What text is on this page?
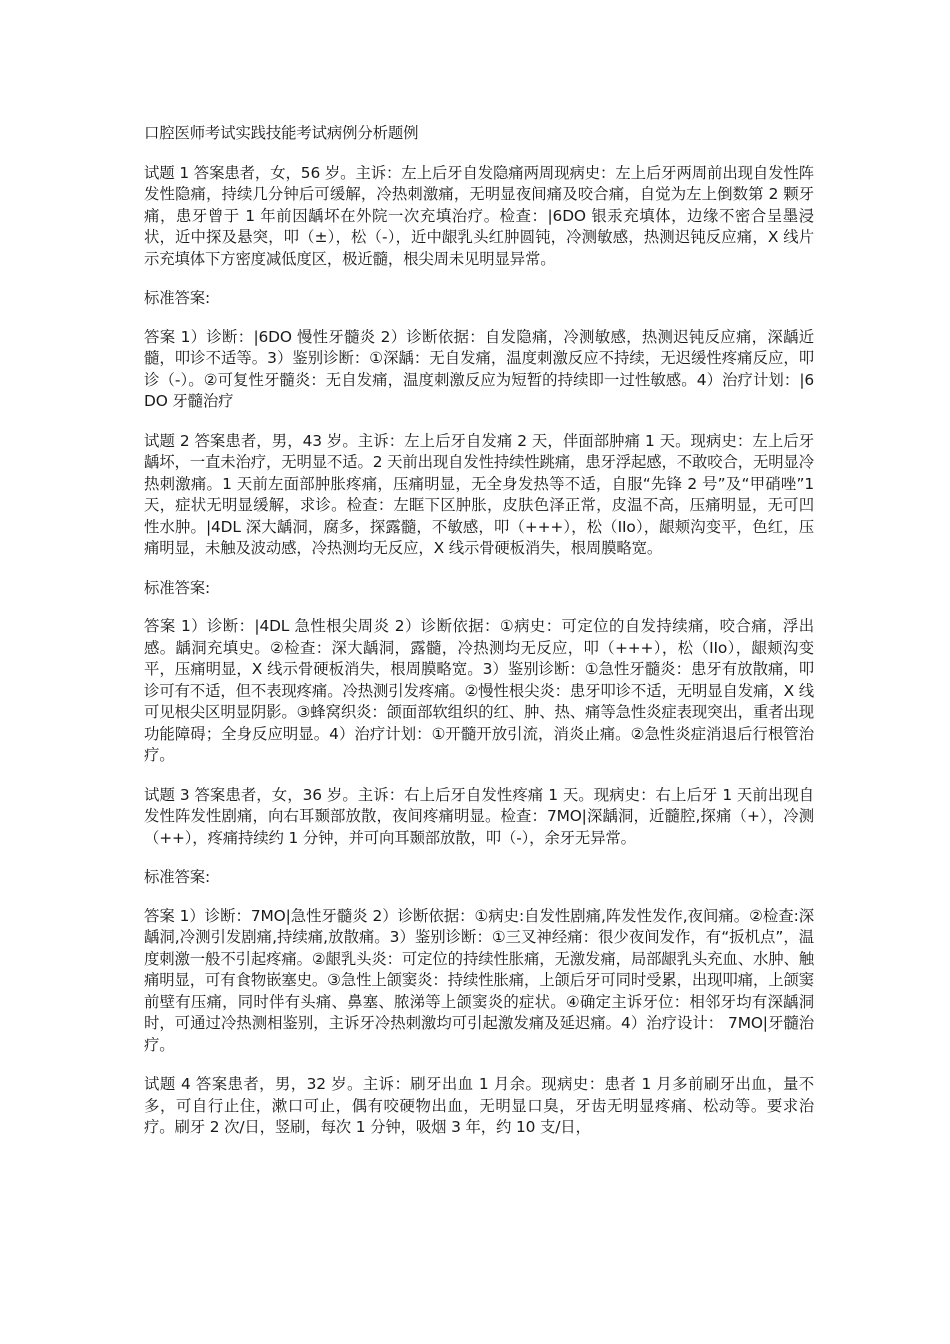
口腔医师考试实践技能考试病例分析题例

试题 1 答案患者，女，56 岁。主诉：左上后牙自发隐痛两周现病史：左上后牙两周前出现自发性阵发性隐痛，持续几分钟后可缓解，冷热刺激痛，无明显夜间痛及咬合痛，自觉为左上倒数第 2 颗牙痛，患牙曾于 1 年前因龋坏在外院一次充填治疗。检查：|6DO 银汞充填体，边缘不密合呈墨浸状，近中探及悬突，叩（±），松（-），近中龈乳头红肿圆钝，冷测敏感，热测迟钝反应痛，X 线片示充填体下方密度减低度区，极近髓，根尖周未见明显异常。

标准答案:

答案 1）诊断：|6DO 慢性牙髓炎 2）诊断依据：自发隐痛，冷测敏感，热测迟钝反应痛，深龋近髓，叩诊不适等。3）鉴别诊断：①深龋：无自发痛，温度刺激反应不持续，无迟缓性疼痛反应，叩诊（-）。②可复性牙髓炎：无自发痛，温度刺激反应为短暂的持续即一过性敏感。4）治疗计划：|6DO 牙髓治疗

试题 2 答案患者，男，43 岁。主诉：左上后牙自发痛 2 天，伴面部肿痛 1 天。现病史：左上后牙龋坏，一直未治疗，无明显不适。2 天前出现自发性持续性跳痛，患牙浮起感，不敢咬合，无明显冷热刺激痛。1 天前左面部肿胀疼痛，压痛明显，无全身发热等不适，自服“先锋 2 号”及“甲硝唑”1 天，症状无明显缓解，求诊。检查：左眶下区肿胀，皮肤色泽正常，皮温不高，压痛明显，无可凹性水肿。|4DL 深大龋洞，腐多，探露髓，不敏感，叩（+++），松（IIo），龈颊沟变平，色红，压痛明显，未触及波动感，冷热测均无反应，X 线示骨硬板消失，根周膜略宽。

标准答案:

答案 1）诊断：|4DL 急性根尖周炎 2）诊断依据：①病史：可定位的自发持续痛，咬合痛，浮出感。龋洞充填史。②检查：深大龋洞，露髓，冷热测均无反应，叩（+++），松（IIo），龈颊沟变平，压痛明显，X 线示骨硬板消失，根周膜略宽。3）鉴别诊断：①急性牙髓炎：患牙有放散痛，叩诊可有不适，但不表现疼痛。冷热测引发疼痛。②慢性根尖炎：患牙叩诊不适，无明显自发痛，X 线可见根尖区明显阴影。③蜂窝织炎：颌面部软组织的红、肿、热、痛等急性炎症表现突出，重者出现功能障碍；全身反应明显。4）治疗计划：①开髓开放引流，消炎止痛。②急性炎症消退后行根管治疗。

试题 3 答案患者，女，36 岁。主诉：右上后牙自发性疼痛 1 天。现病史：右上后牙 1 天前出现自发性阵发性剧痛，向右耳颞部放散，夜间疼痛明显。检查：7MO|深龋洞，近髓腔,探痛（+），冷测（++），疼痛持续约 1 分钟，并可向耳颞部放散，叩（-），余牙无异常。

标准答案:

答案 1）诊断：7MO|急性牙髓炎 2）诊断依据：①病史:自发性剧痛,阵发性发作,夜间痛。②检查:深龋洞,冷测引发剧痛,持续痛,放散痛。3）鉴别诊断：①三叉神经痛：很少夜间发作，有“扳机点”，温度刺激一般不引起疼痛。②龈乳头炎：可定位的持续性胀痛，无激发痛，局部龈乳头充血、水肿、触痛明显，可有食物嵌塞史。③急性上颌窦炎：持续性胀痛，上颌后牙可同时受累，出现叩痛，上颌窦前壁有压痛，同时伴有头痛、鼻塞、脓涕等上颌窦炎的症状。④确定主诉牙位：相邻牙均有深龋洞时，可通过冷热测相鉴别，主诉牙冷热刺激均可引起激发痛及延迟痛。4）治疗设计： 7MO|牙髓治疗。

试题 4 答案患者，男，32 岁。主诉：刷牙出血 1 月余。现病史：患者 1 月多前刷牙出血，量不多，可自行止住，漱口可止，偶有咬硬物出血，无明显口臭，牙齿无明显疼痛、松动等。要求治疗。刷牙 2 次/日，竖刷，每次 1 分钟，吸烟 3 年，约 10 支/日，
